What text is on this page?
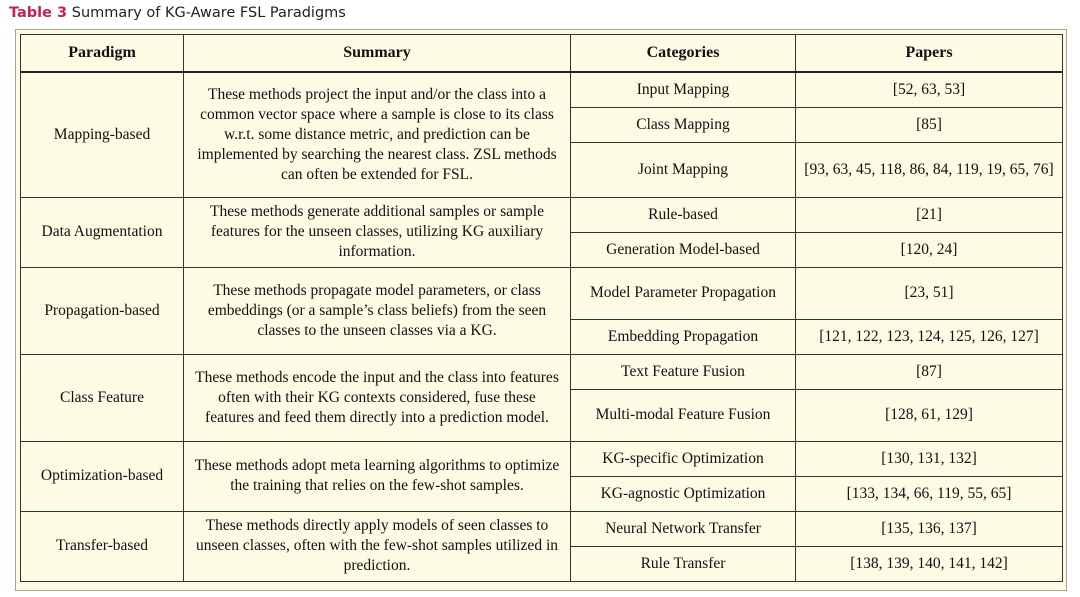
Table 3 Summary of KG-Aware FSL Paradigms
Paradigm	Summary	Categories	Papers
Mapping-based	These methods project the input and/or the class into a common vector space where a sample is close to its class w.r.t. some distance metric, and prediction can be implemented by searching the nearest class. ZSL methods can often be extended for FSL.	Input Mapping	[52, 63, 53]
		Class Mapping	[85]
		Joint Mapping	[93, 63, 45, 118, 86, 84, 119, 19, 65, 76]
Data Augmentation	These methods generate additional samples or sample features for the unseen classes, utilizing KG auxiliary information.	Rule-based	[21]
		Generation Model-based	[120, 24]
Propagation-based	These methods propagate model parameters, or class embeddings (or a sample’s class beliefs) from the seen classes to the unseen classes via a KG.	Model Parameter Propagation	[23, 51]
		Embedding Propagation	[121, 122, 123, 124, 125, 126, 127]
Class Feature	These methods encode the input and the class into features often with their KG contexts considered, fuse these features and feed them directly into a prediction model.	Text Feature Fusion	[87]
		Multi-modal Feature Fusion	[128, 61, 129]
Optimization-based	These methods adopt meta learning algorithms to optimize the training that relies on the few-shot samples.	KG-specific Optimization	[130, 131, 132]
		KG-agnostic Optimization	[133, 134, 66, 119, 55, 65]
Transfer-based	These methods directly apply models of seen classes to unseen classes, often with the few-shot samples utilized in prediction.	Neural Network Transfer	[135, 136, 137]
		Rule Transfer	[138, 139, 140, 141, 142]
